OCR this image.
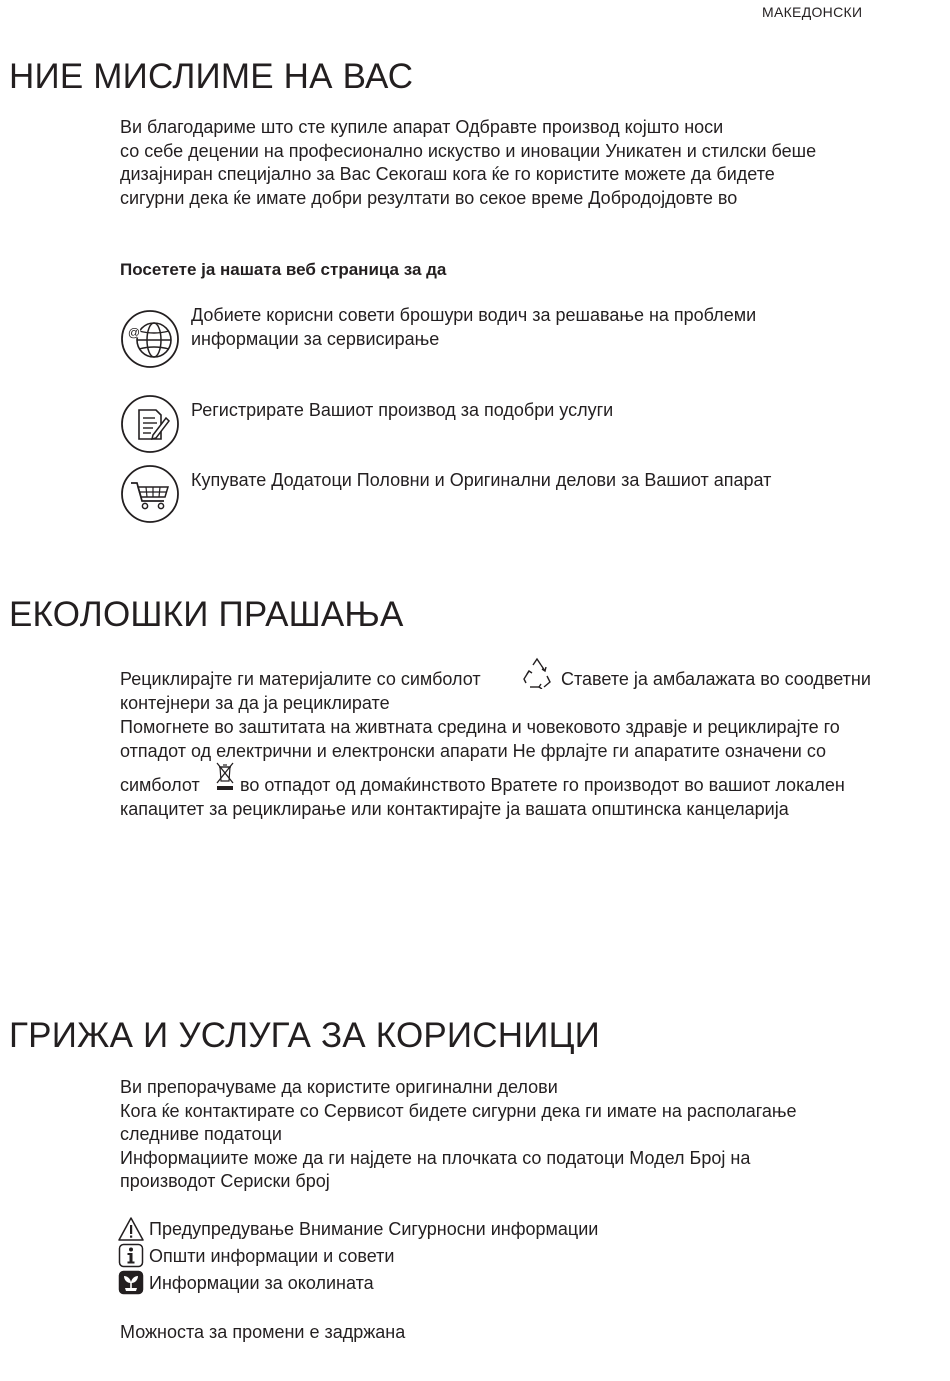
МАКЕДОНСКИ
НИЕ МИСЛИМЕ НА ВАС

Ви благодариме што сте купиле апарат Одбравте производ којшто носи
со себе децении на професионално искуство и иновации Уникатен и стилски беше
дизајниран специјално за Вас Секогаш кога ќе го користите можете да бидете
сигурни дека ќе имате добри резултати во секое време Добродојдовте во

Посетете ја нашата веб страница за да
@
Добиете корисни совети брошури водич за решавање на проблеми
информации за сервисирање
Регистрирате Вашиот производ за подобри услуги
Купувате Додатоци Половни и Оригинални делови за Вашиот апарат
ЕКОЛОШКИ ПРАШАЊА
Рециклирајте ги материјалите со симболот	Ставете ја амбалажата во соодветни
контејнери за да ја рециклирате
Помогнете во заштитата на живтната средина и човековото здравје и рециклирајте го
отпадот од електрични и електронски апарати Не фрлајте ги апаратите означени со
симболот во отпадот од домаќинството Вратете го производот во вашиот локален
капацитет за рециклирање или контактирајте ја вашата општинска канцеларија
ГРИЖА И УСЛУГА ЗА КОРИСНИЦИ

Ви препорачуваме да користите оригинални делови
Кога ќе контактирате со Сервисот бидете сигурни дека ги имате на располагање
следниве податоци
Информациите може да ги најдете на плочката со податоци Модел Број на
производот Сериски број

Предупредување Внимание Сигурносни информации
Општи информации и совети
Информации за околината
Можноста за промени е задржана
